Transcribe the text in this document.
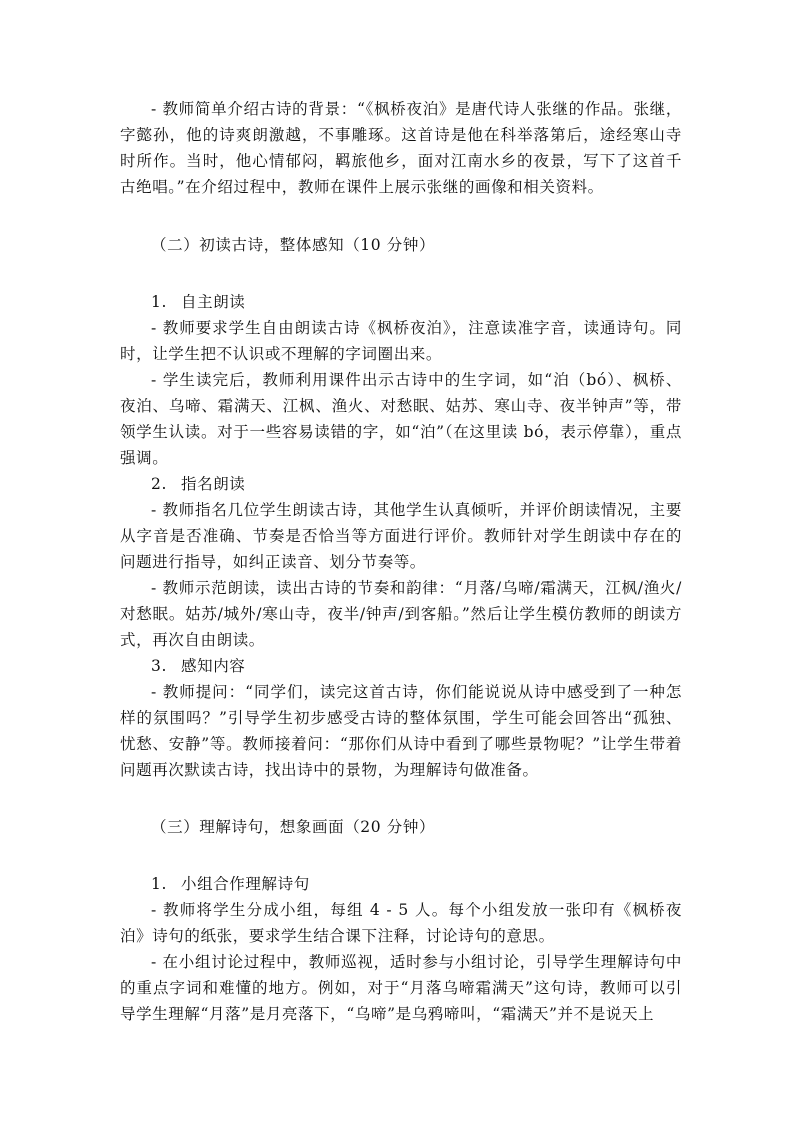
- 教师简单介绍古诗的背景：“《枫桥夜泊》是唐代诗人张继的作品。张继，字懿孙，他的诗爽朗激越，不事雕琢。这首诗是他在科举落第后，途经寒山寺时所作。当时，他心情郁闷，羁旅他乡，面对江南水乡的夜景，写下了这首千古绝唱。”在介绍过程中，教师在课件上展示张继的画像和相关资料。

（二）初读古诗，整体感知（10 分钟）

1. 自主朗读

- 教师要求学生自由朗读古诗《枫桥夜泊》，注意读准字音，读通诗句。同时，让学生把不认识或不理解的字词圈出来。

- 学生读完后，教师利用课件出示古诗中的生字词，如“泊（bó）、枫桥、夜泊、乌啼、霜满天、江枫、渔火、对愁眠、姑苏、寒山寺、夜半钟声”等，带领学生认读。对于一些容易读错的字，如“泊”（在这里读 bó，表示停靠），重点强调。

2. 指名朗读

- 教师指名几位学生朗读古诗，其他学生认真倾听，并评价朗读情况，主要从字音是否准确、节奏是否恰当等方面进行评价。教师针对学生朗读中存在的问题进行指导，如纠正读音、划分节奏等。

- 教师示范朗读，读出古诗的节奏和韵律：“月落/乌啼/霜满天，江枫/渔火/对愁眠。姑苏/城外/寒山寺，夜半/钟声/到客船。”然后让学生模仿教师的朗读方式，再次自由朗读。

3. 感知内容

- 教师提问：“同学们，读完这首古诗，你们能说说从诗中感受到了一种怎样的氛围吗？”引导学生初步感受古诗的整体氛围，学生可能会回答出“孤独、忧愁、安静”等。教师接着问：“那你们从诗中看到了哪些景物呢？”让学生带着问题再次默读古诗，找出诗中的景物，为理解诗句做准备。

（三）理解诗句，想象画面（20 分钟）

1. 小组合作理解诗句

- 教师将学生分成小组，每组 4 - 5 人。每个小组发放一张印有《枫桥夜泊》诗句的纸张，要求学生结合课下注释，讨论诗句的意思。

- 在小组讨论过程中，教师巡视，适时参与小组讨论，引导学生理解诗句中的重点字词和难懂的地方。例如，对于“月落乌啼霜满天”这句诗，教师可以引导学生理解“月落”是月亮落下，“乌啼”是乌鸦啼叫，“霜满天”并不是说天上
